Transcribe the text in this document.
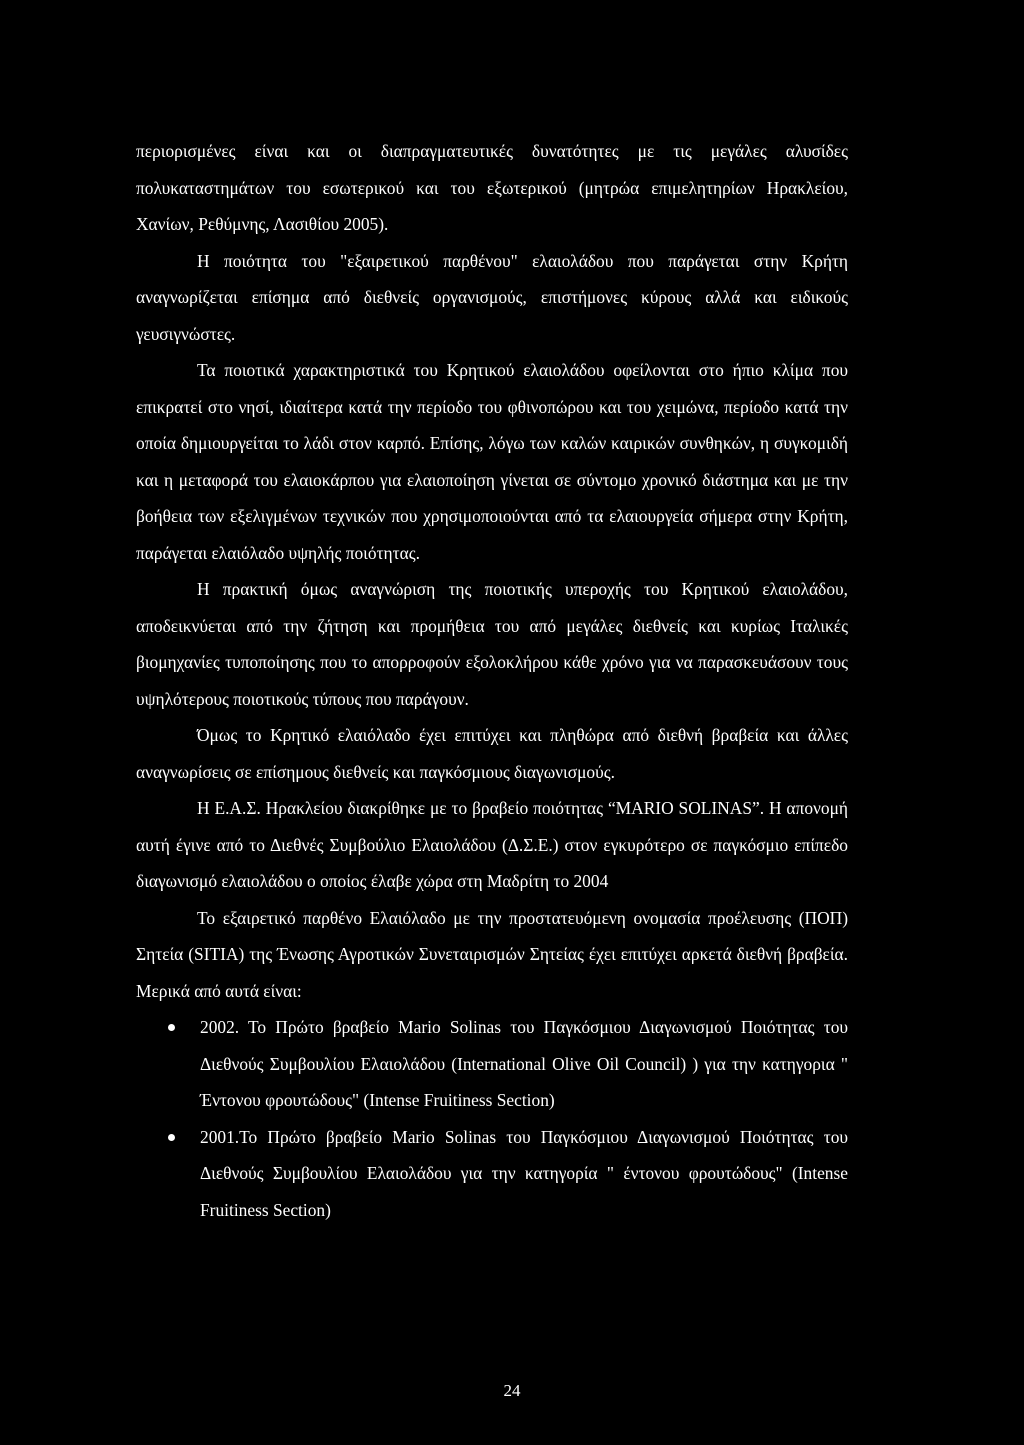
περιορισμένες είναι και οι διαπραγματευτικές δυνατότητες με τις μεγάλες αλυσίδες πολυκαταστημάτων του εσωτερικού και του εξωτερικού (μητρώα επιμελητηρίων Ηρακλείου, Χανίων, Ρεθύμνης, Λασιθίου 2005).

Η ποιότητα του "εξαιρετικού παρθένου" ελαιολάδου που παράγεται στην Κρήτη αναγνωρίζεται επίσημα από διεθνείς οργανισμούς, επιστήμονες κύρους αλλά και ειδικούς γευσιγνώστες.

Τα ποιοτικά χαρακτηριστικά του Κρητικού ελαιολάδου οφείλονται στο ήπιο κλίμα που επικρατεί στο νησί, ιδιαίτερα κατά την περίοδο του φθινοπώρου και του χειμώνα, περίοδο κατά την οποία δημιουργείται το λάδι στον καρπό. Επίσης, λόγω των καλών καιρικών συνθηκών, η συγκομιδή και η μεταφορά του ελαιοκάρπου για ελαιοποίηση γίνεται σε σύντομο χρονικό διάστημα και με την βοήθεια των εξελιγμένων τεχνικών που χρησιμοποιούνται από τα ελαιουργεία σήμερα στην Κρήτη, παράγεται ελαιόλαδο υψηλής ποιότητας.

Η πρακτική όμως αναγνώριση της ποιοτικής υπεροχής του Κρητικού ελαιολάδου, αποδεικνύεται από την ζήτηση και προμήθεια του από μεγάλες διεθνείς και κυρίως Ιταλικές βιομηχανίες τυποποίησης που το απορροφούν εξολοκλήρου κάθε χρόνο για να παρασκευάσουν τους υψηλότερους ποιοτικούς τύπους που παράγουν.

Όμως το Κρητικό ελαιόλαδο έχει επιτύχει και πληθώρα από διεθνή βραβεία και άλλες αναγνωρίσεις σε επίσημους διεθνείς και παγκόσμιους διαγωνισμούς.

Η Ε.Α.Σ. Ηρακλείου διακρίθηκε με το βραβείο ποιότητας “MARIO SOLINAS”. Η απονομή αυτή έγινε από το Διεθνές Συμβούλιο Ελαιολάδου (Δ.Σ.Ε.) στον εγκυρότερο σε παγκόσμιο επίπεδο διαγωνισμό ελαιολάδου ο οποίος έλαβε χώρα στη Μαδρίτη το 2004

Το εξαιρετικό παρθένο Ελαιόλαδο με την προστατευόμενη ονομασία προέλευσης (ΠΟΠ) Σητεία (SITIA) της Ένωσης Αγροτικών Συνεταιρισμών Σητείας έχει επιτύχει αρκετά διεθνή βραβεία. Μερικά από αυτά είναι:

2002. Το Πρώτο βραβείο Mario Solinas του Παγκόσμιου Διαγωνισμού Ποιότητας του Διεθνούς Συμβουλίου Ελαιολάδου (International Olive Oil Council) ) για την κατηγορια " Έντονου φρουτώδους" (Intense Fruitiness Section)
2001.Το Πρώτο βραβείο Mario Solinas του Παγκόσμιου Διαγωνισμού Ποιότητας του Διεθνούς Συμβουλίου Ελαιολάδου για την κατηγορία " έντονου φρουτώδους" (Intense Fruitiness Section)
24
